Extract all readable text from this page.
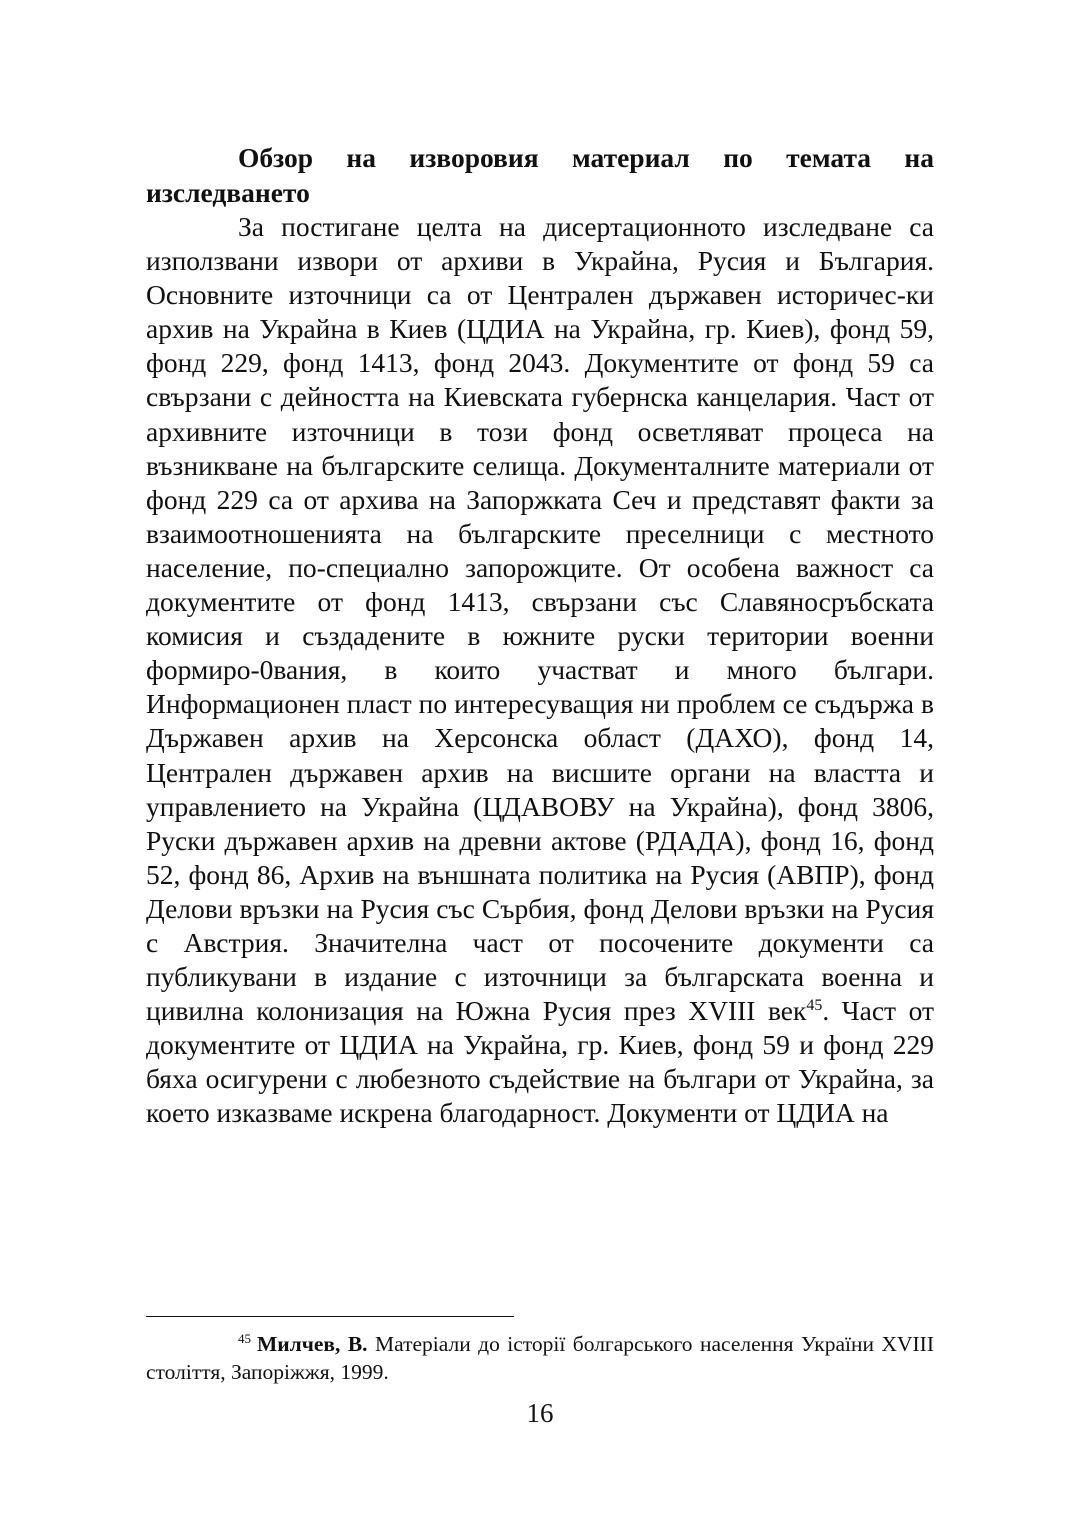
Обзор на изворовия материал по темата на изследването

За постигане целта на дисертационното изследване са използвани извори от архиви в Украйна, Русия и България. Основните източници са от Централен държавен историчес-ки архив на Украйна в Киев (ЦДИА на Украйна, гр. Киев), фонд 59, фонд 229, фонд 1413, фонд 2043. Документите от фонд 59 са свързани с дейността на Киевската губернска канцелария. Част от архивните източници в този фонд осветляват процеса на възникване на българските селища. Документалните материали от фонд 229 са от архива на Запоржката Сеч и представят факти за взаимоотношенията на българските преселници с местното население, по-специално запорожците. От особена важност са документите от фонд 1413, свързани със Славяносръбската комисия и създадените в южните руски територии военни формиро-0вания, в които участват и много българи. Информационен пласт по интересуващия ни проблем се съдържа в Държавен архив на Херсонска област (ДАХО), фонд 14, Централен държавен архив на висшите органи на властта и управлението на Украйна (ЦДАВОВУ на Украйна), фонд 3806, Руски държавен архив на древни актове (РДАДА), фонд 16, фонд 52, фонд 86, Архив на външната политика на Русия (АВПР), фонд Делови връзки на Русия със Сърбия, фонд Делови връзки на Русия с Австрия. Значителна част от посочените документи са публикувани в издание с източници за българската военна и цивилна колонизация на Южна Русия през XVIII век$^{45}$. Част от документите от ЦДИА на Украйна, гр. Киев, фонд 59 и фонд 229 бяха осигурени с любезното съдействие на българи от Украйна, за което изказваме искрена благодарност. Документи от ЦДИА на

$^{45}$ Милчев, В. Матеріали до історії болгарського населення України XVIII століття, Запоріжжя, 1999.

16
